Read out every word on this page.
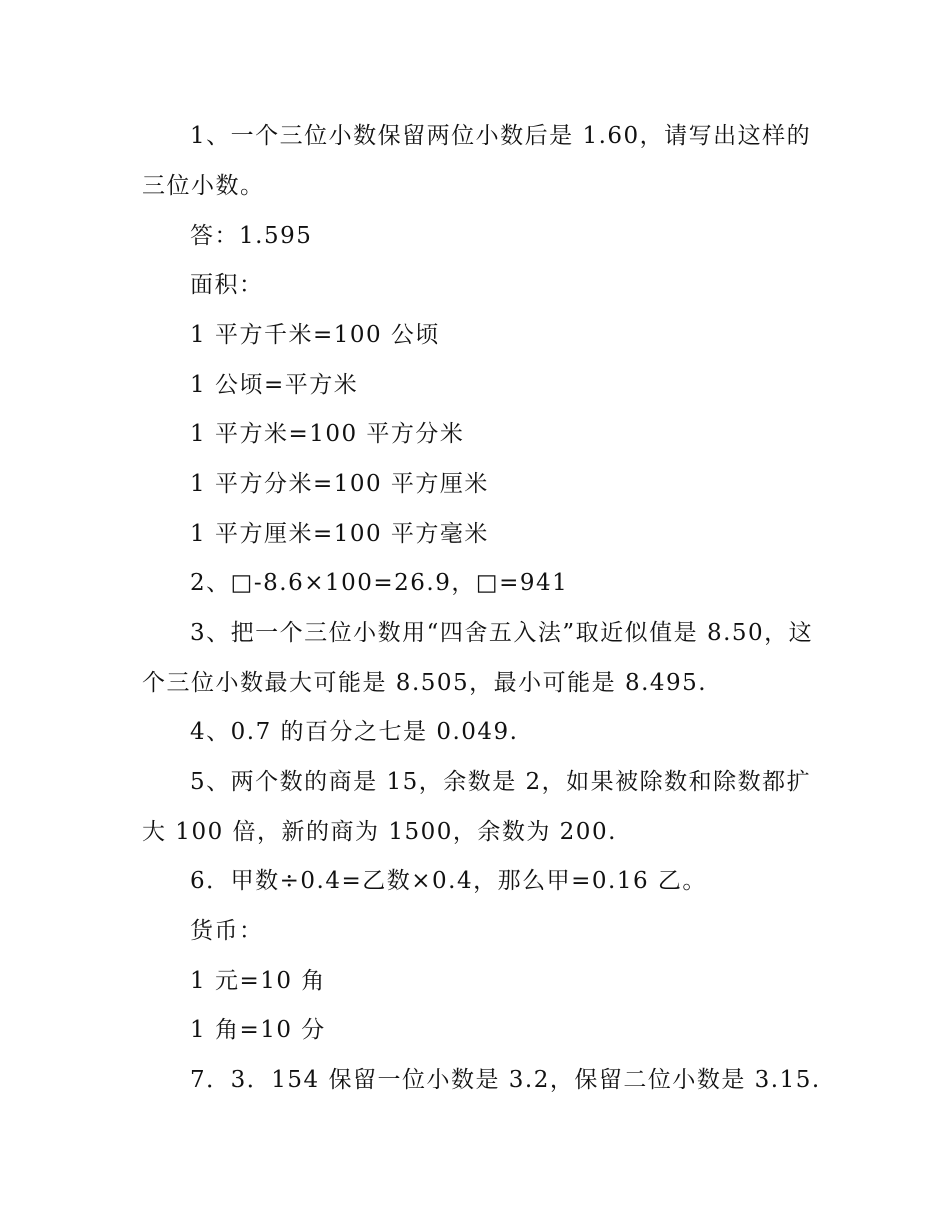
1、一个三位小数保留两位小数后是 1.60，请写出这样的
三位小数。
答：1.595
面积：
1 平方千米=100 公顷
1 公顷=平方米
1 平方米=100 平方分米
1 平方分米=100 平方厘米
1 平方厘米=100 平方毫米
2、□-8.6×100=26.9，□=941
3、把一个三位小数用“四舍五入法”取近似值是 8.50，这
个三位小数最大可能是 8.505，最小可能是 8.495.
4、0.7 的百分之七是 0.049.
5、两个数的商是 15，余数是 2，如果被除数和除数都扩
大 100 倍，新的商为 1500，余数为 200.
6．甲数÷0.4=乙数×0.4，那么甲=0.16 乙。
货币：
1 元=10 角
1 角=10 分
7．3．154 保留一位小数是 3.2，保留二位小数是 3.15.
